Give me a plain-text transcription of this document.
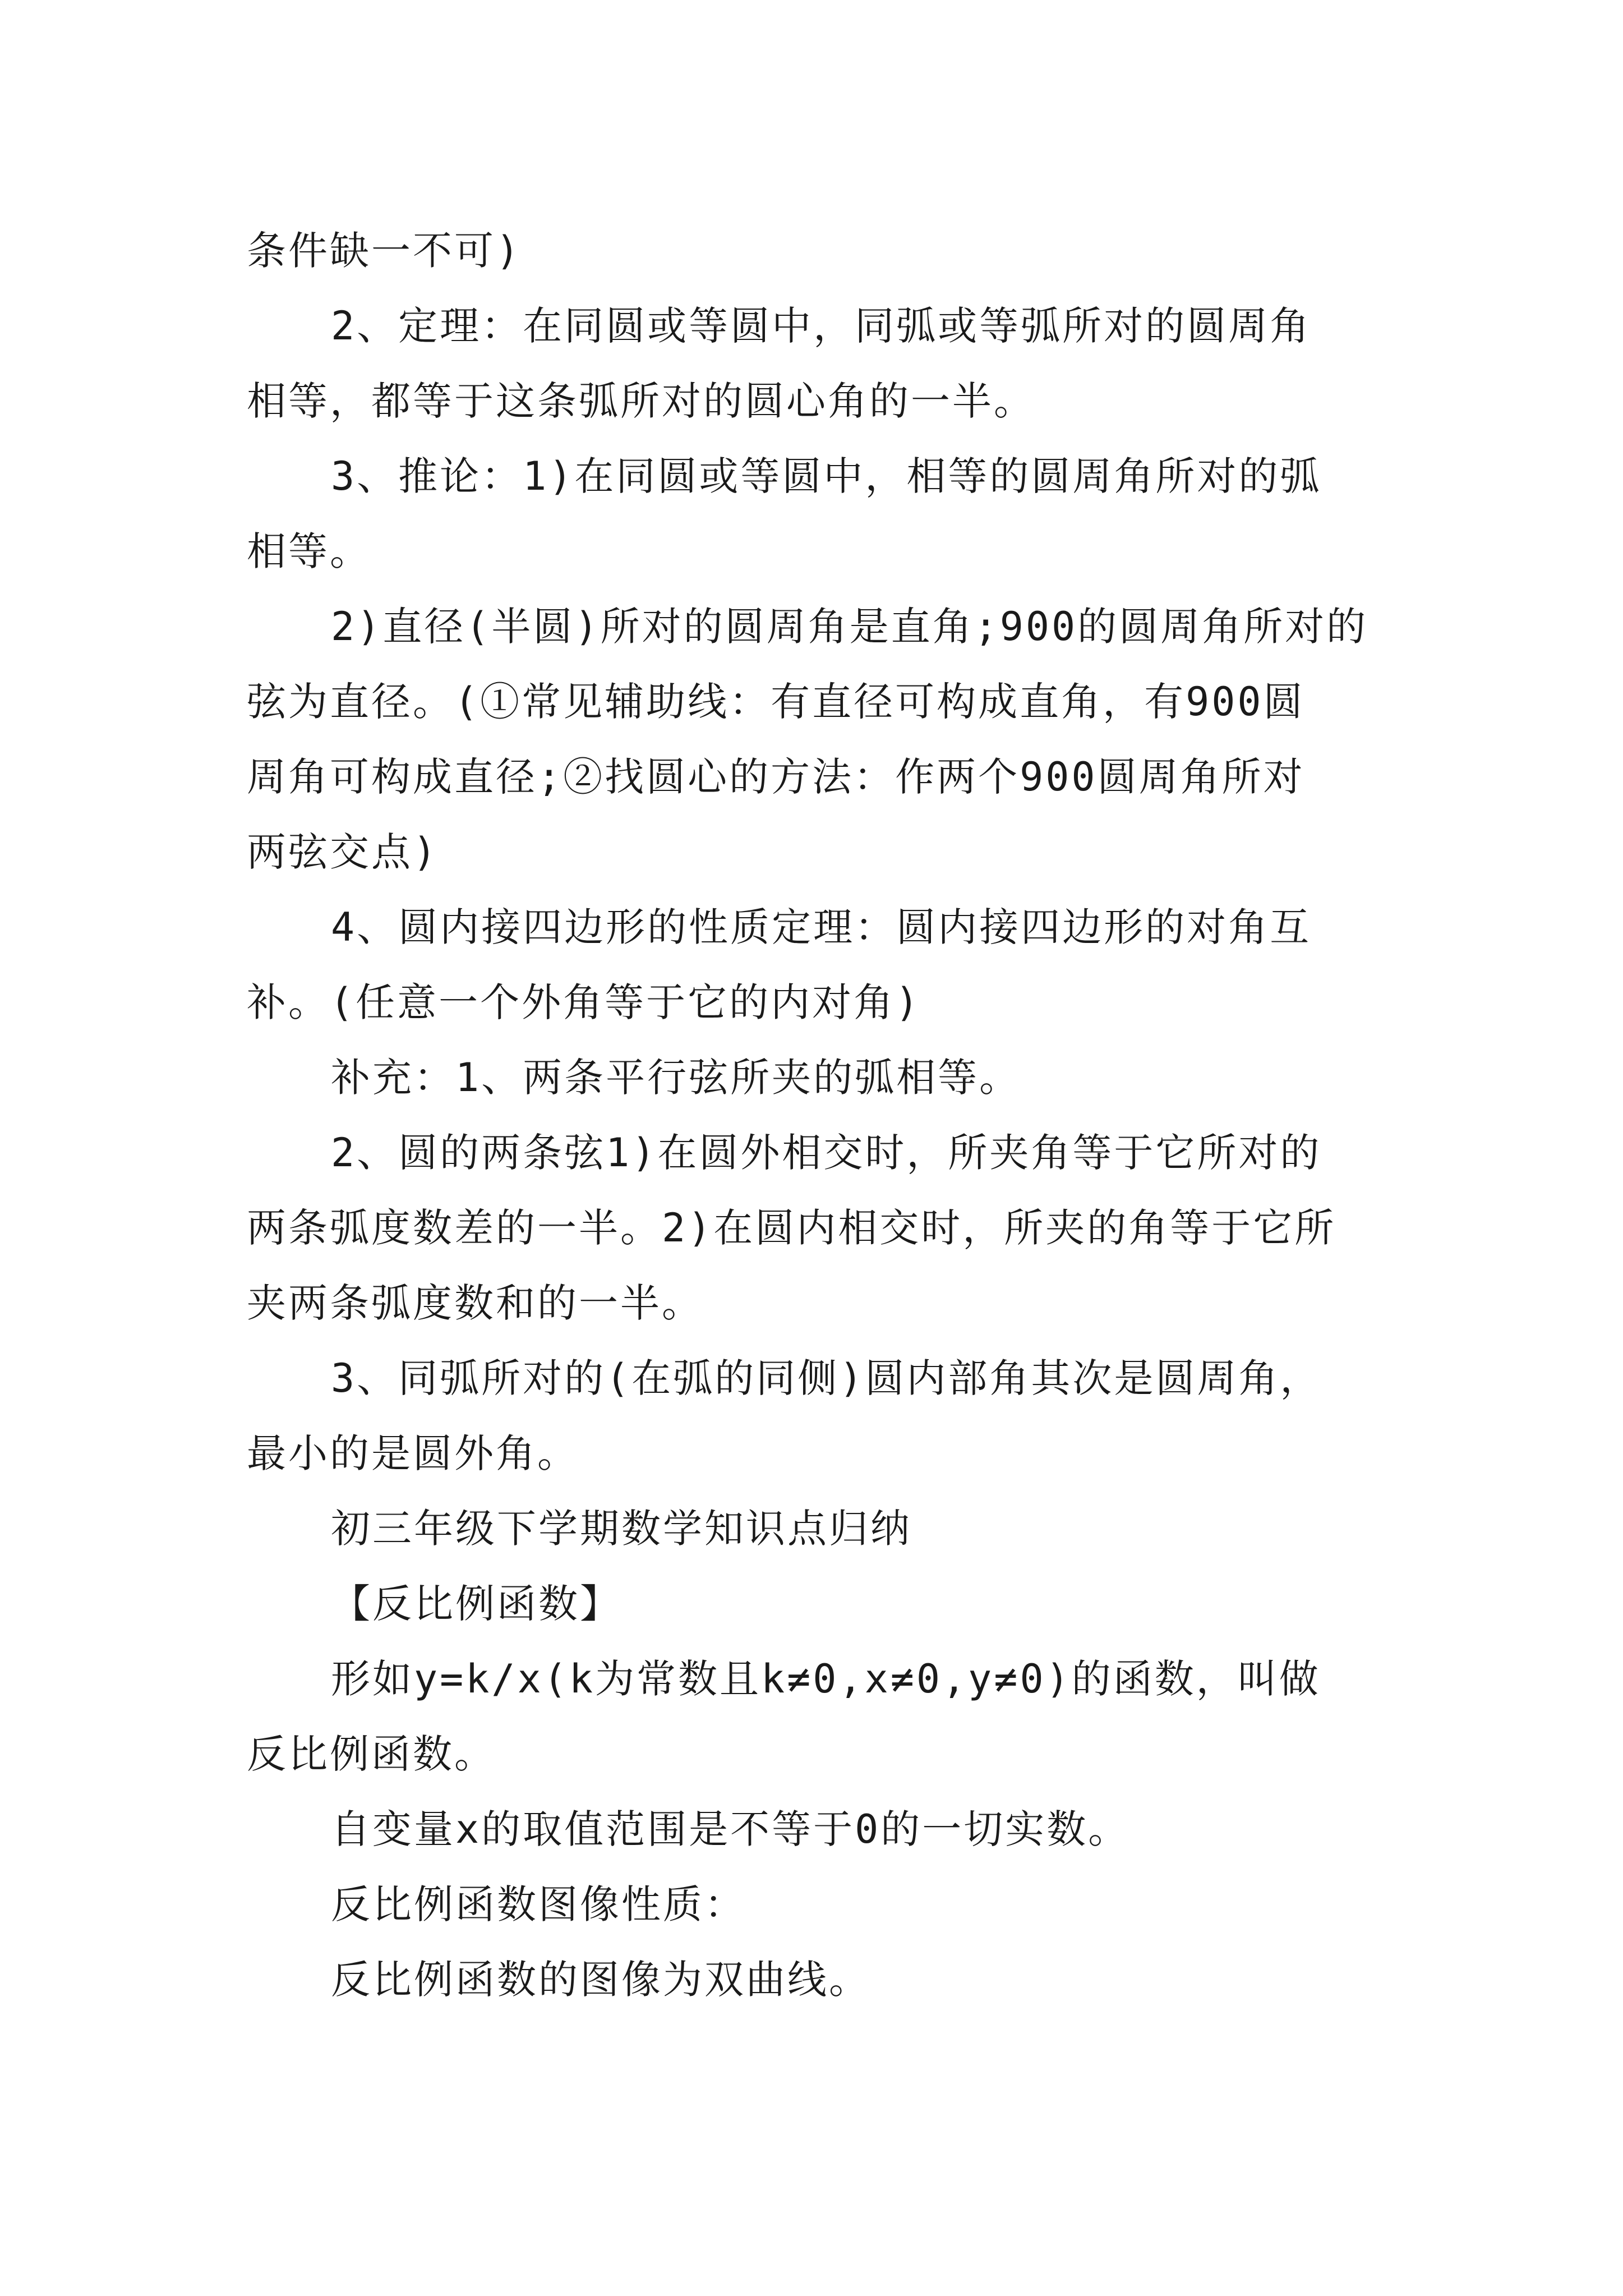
条件缺一不可)
2、定理：在同圆或等圆中，同弧或等弧所对的圆周角
相等，都等于这条弧所对的圆心角的一半。
3、推论：1)在同圆或等圆中，相等的圆周角所对的弧
相等。
2)直径(半圆)所对的圆周角是直角;900的圆周角所对的
弦为直径。(①常见辅助线：有直径可构成直角，有900圆
周角可构成直径;②找圆心的方法：作两个900圆周角所对
两弦交点)
4、圆内接四边形的性质定理：圆内接四边形的对角互
补。(任意一个外角等于它的内对角)
补充：1、两条平行弦所夹的弧相等。
2、圆的两条弦1)在圆外相交时，所夹角等于它所对的
两条弧度数差的一半。2)在圆内相交时，所夹的角等于它所
夹两条弧度数和的一半。
3、同弧所对的(在弧的同侧)圆内部角其次是圆周角，
最小的是圆外角。
初三年级下学期数学知识点归纳
【反比例函数】
形如y=k/x(k为常数且k≠0,x≠0,y≠0)的函数，叫做
反比例函数。
自变量x的取值范围是不等于0的一切实数。
反比例函数图像性质：
反比例函数的图像为双曲线。
